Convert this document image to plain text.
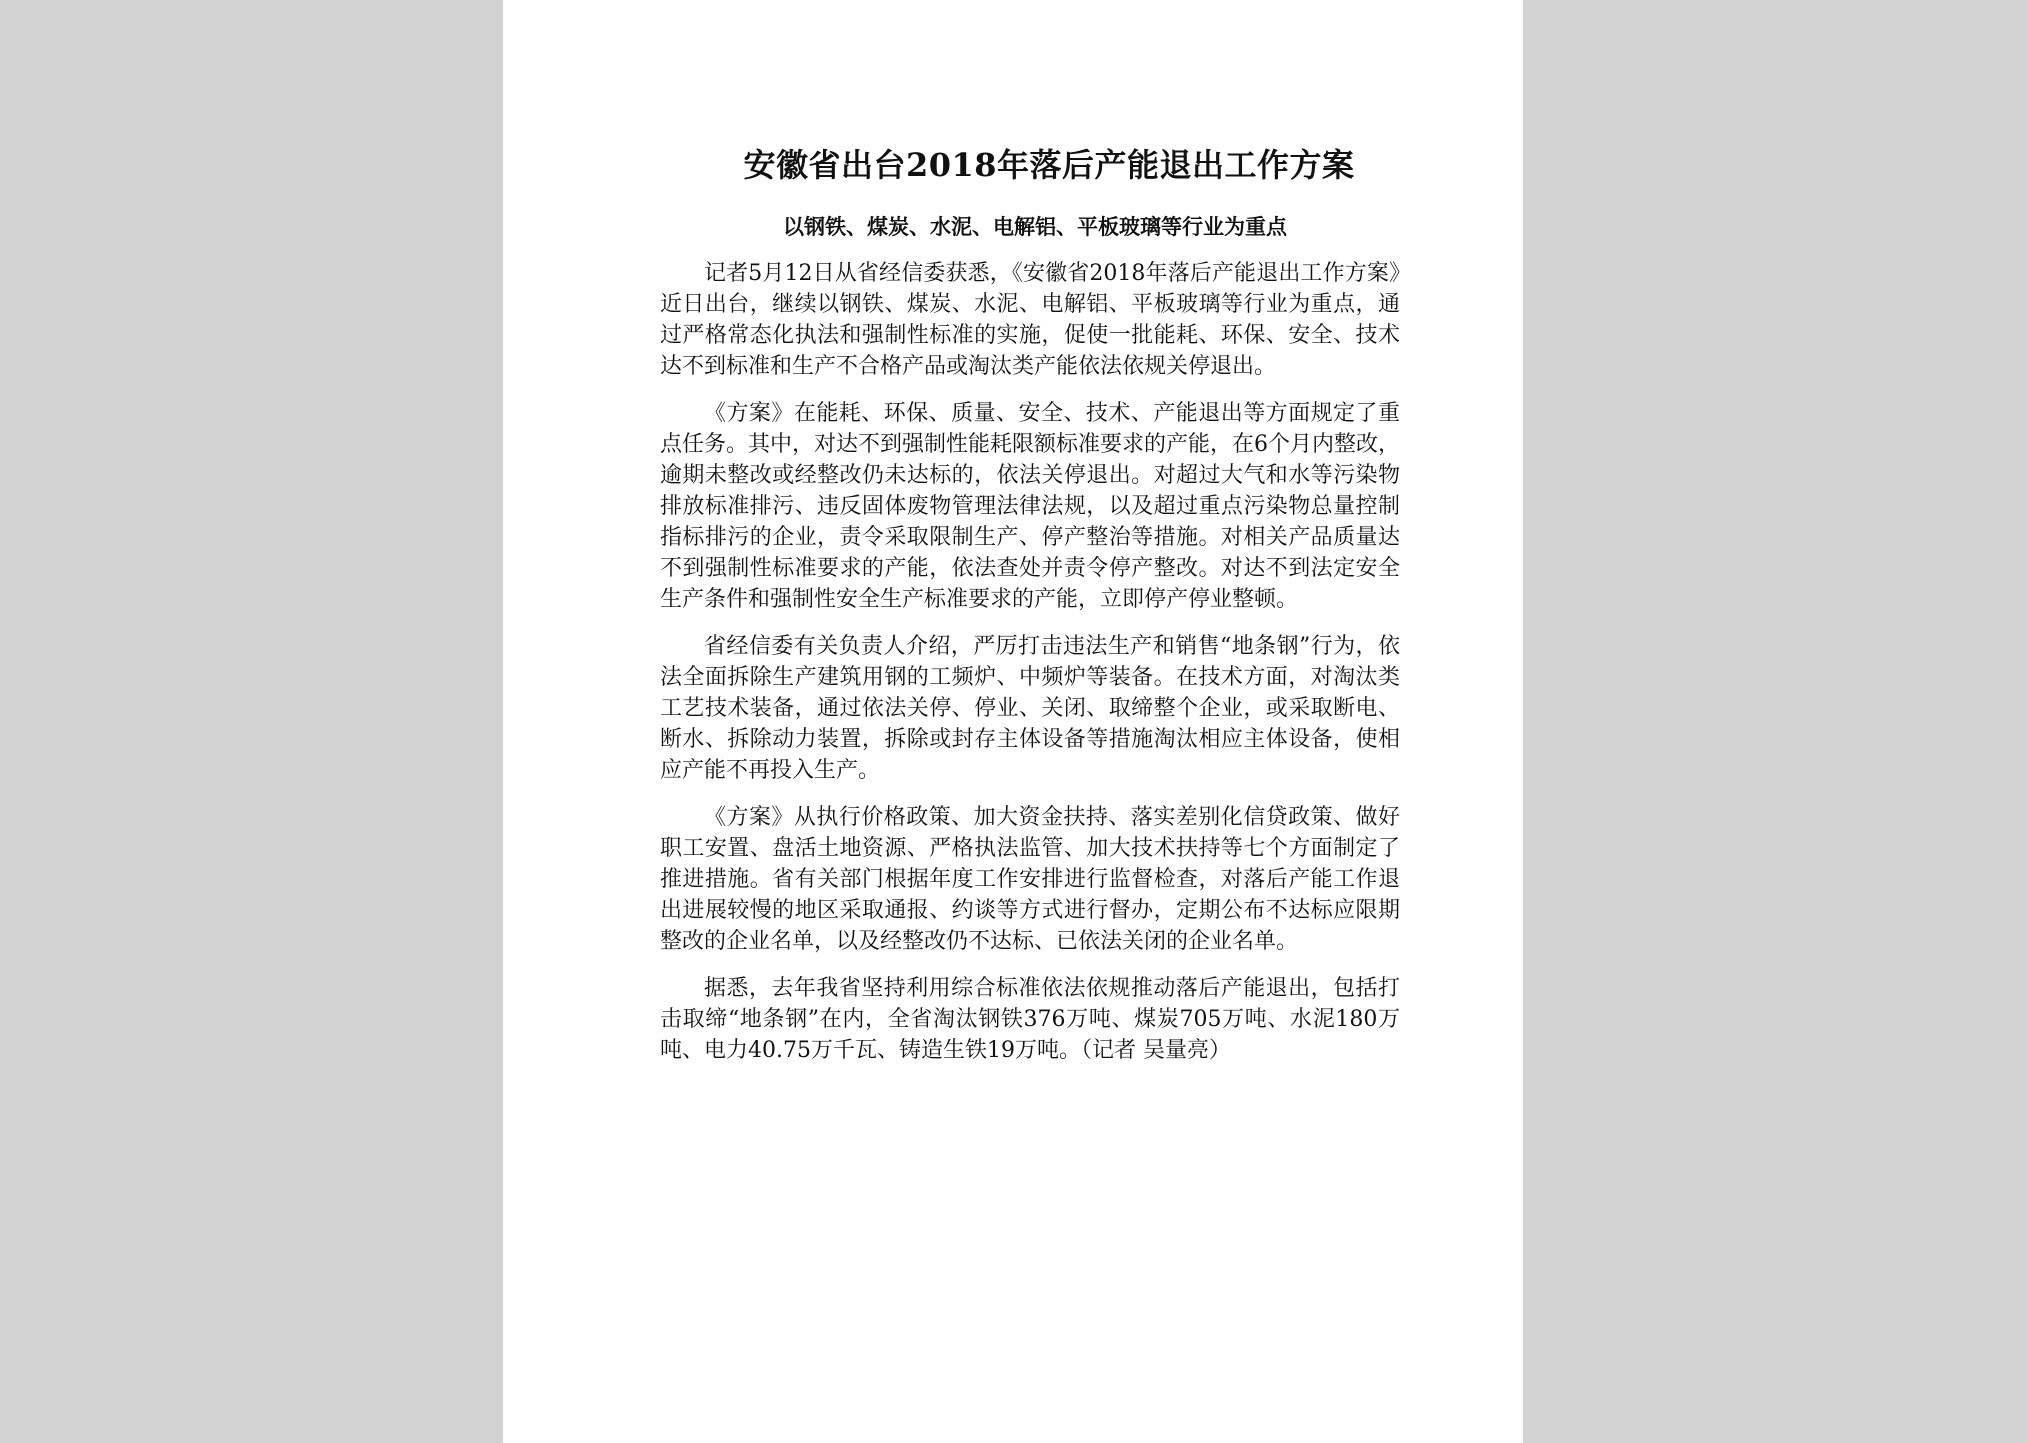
安徽省出台2018年落后产能退出工作方案
以钢铁、煤炭、水泥、电解铝、平板玻璃等行业为重点

记者5月12日从省经信委获悉，《安徽省2018年落后产能退出工作方案》近日出台，继续以钢铁、煤炭、水泥、电解铝、平板玻璃等行业为重点，通过严格常态化执法和强制性标准的实施，促使一批能耗、环保、安全、技术达不到标准和生产不合格产品或淘汰类产能依法依规关停退出。

《方案》在能耗、环保、质量、安全、技术、产能退出等方面规定了重点任务。其中，对达不到强制性能耗限额标准要求的产能，在6个月内整改，逾期未整改或经整改仍未达标的，依法关停退出。对超过大气和水等污染物排放标准排污、违反固体废物管理法律法规，以及超过重点污染物总量控制指标排污的企业，责令采取限制生产、停产整治等措施。对相关产品质量达不到强制性标准要求的产能，依法查处并责令停产整改。对达不到法定安全生产条件和强制性安全生产标准要求的产能，立即停产停业整顿。

省经信委有关负责人介绍，严厉打击违法生产和销售“地条钢”行为，依法全面拆除生产建筑用钢的工频炉、中频炉等装备。在技术方面，对淘汰类工艺技术装备，通过依法关停、停业、关闭、取缔整个企业，或采取断电、断水、拆除动力装置，拆除或封存主体设备等措施淘汰相应主体设备，使相应产能不再投入生产。

《方案》从执行价格政策、加大资金扶持、落实差别化信贷政策、做好职工安置、盘活土地资源、严格执法监管、加大技术扶持等七个方面制定了推进措施。省有关部门根据年度工作安排进行监督检查，对落后产能工作退出进展较慢的地区采取通报、约谈等方式进行督办，定期公布不达标应限期整改的企业名单，以及经整改仍不达标、已依法关闭的企业名单。

据悉，去年我省坚持利用综合标准依法依规推动落后产能退出，包括打击取缔“地条钢”在内，全省淘汰钢铁376万吨、煤炭705万吨、水泥180万吨、电力40.75万千瓦、铸造生铁19万吨。（记者 吴量亮）
